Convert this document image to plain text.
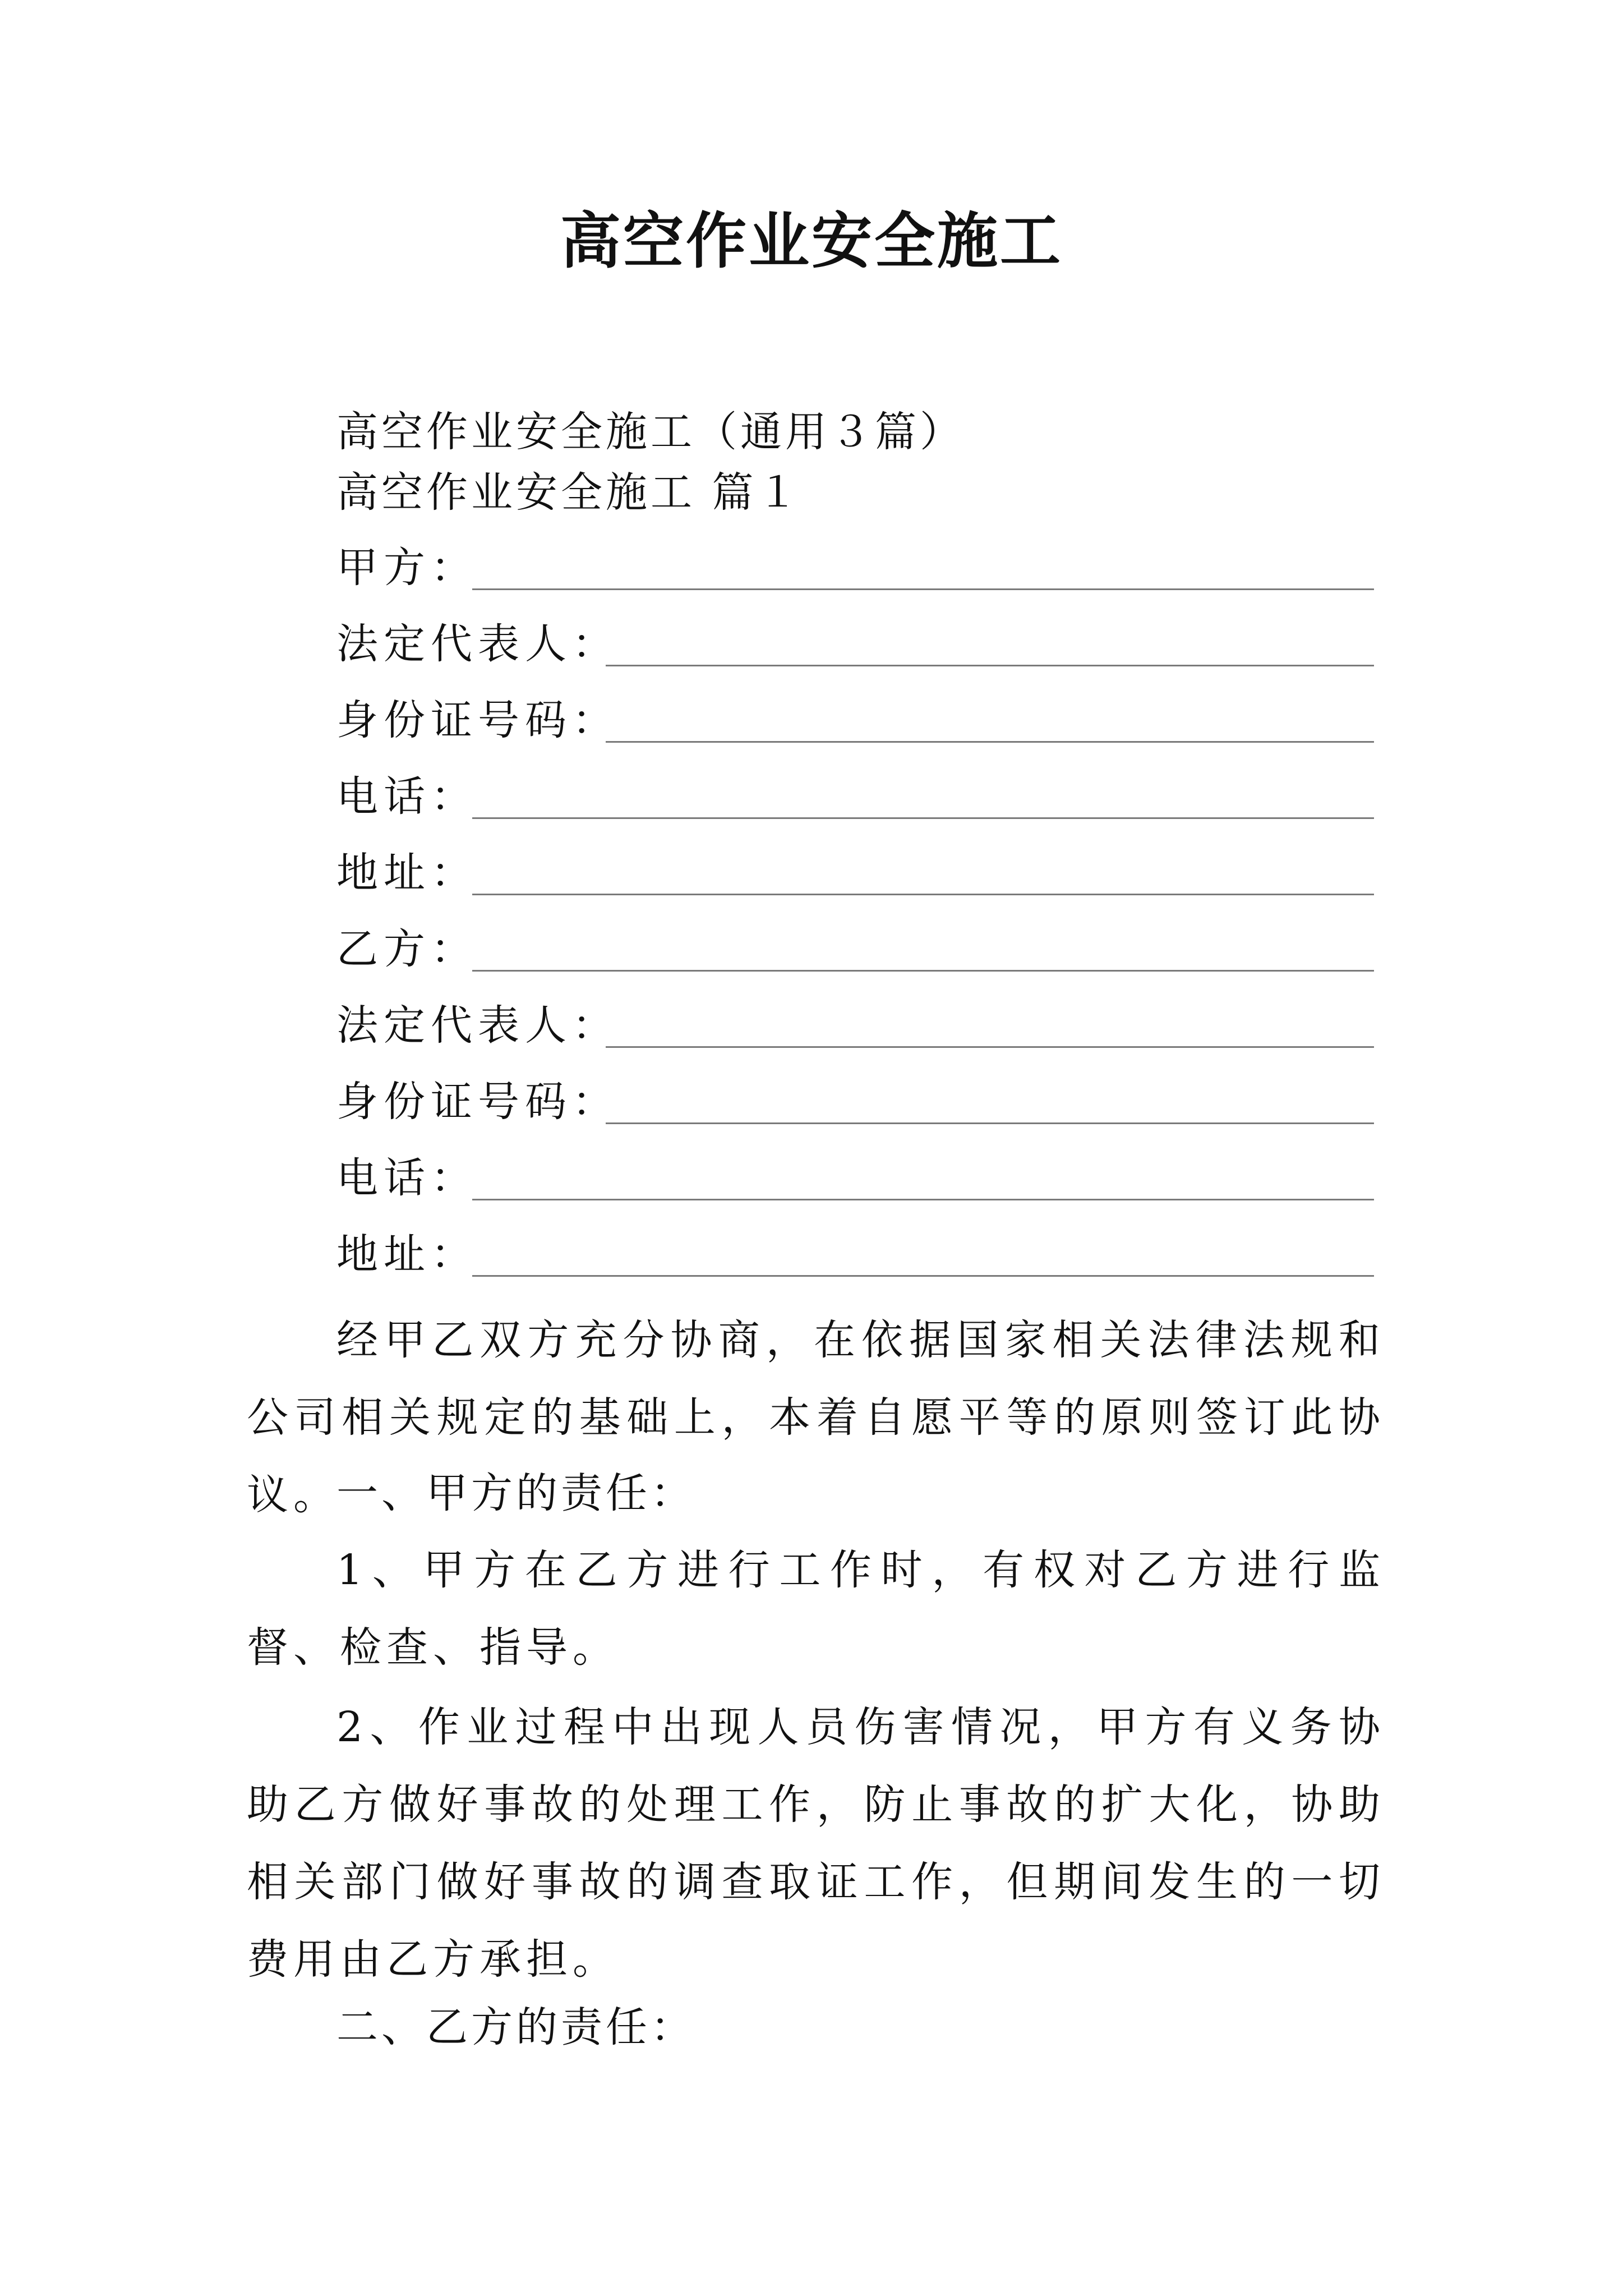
高空作业安全施工
高空作业安全施工（通用３篇）
高空作业安全施工 篇１
甲方：
法定代表人：
身份证号码：
电话：
地址：
乙方：
法定代表人：
身份证号码：
电话：
地址：

经甲乙双方充分协商，在依据国家相关法律法规和公司相关规定的基础上，本着自愿平等的原则签订此协议。

一、甲方的责任：

1、甲方在乙方进行工作时，有权对乙方进行监督、检查、指导。

2、作业过程中出现人员伤害情况，甲方有义务协助乙方做好事故的处理工作，防止事故的扩大化，协助相关部门做好事故的调查取证工作，但期间发生的一切费用由乙方承担。

二、乙方的责任：
